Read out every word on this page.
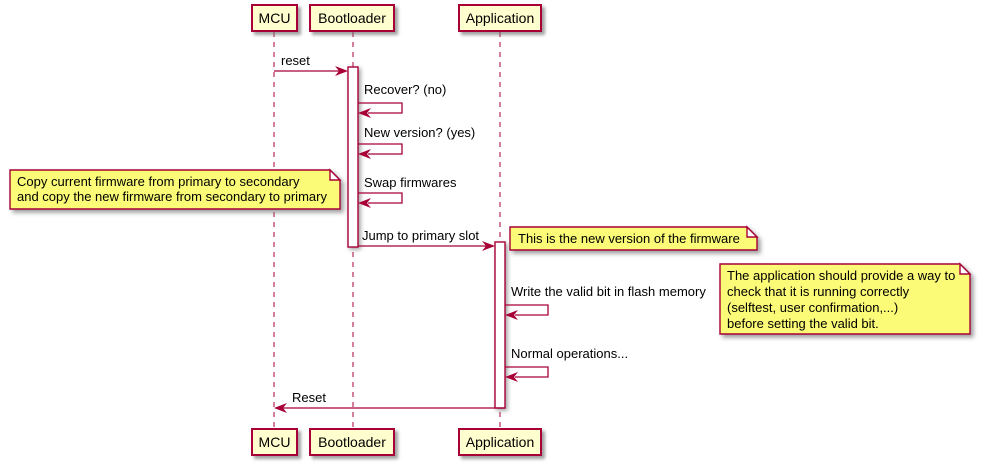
MCU Bootloader	Application
MCU Bootloader	Application
reset
Recover? (no)
New version? (yes)
Swap firmwares
Jump to primary slot
Write the valid bit in flash memory
Normal operations...
Reset
Copy current firmware from primary to secondary
and copy the new firmware from secondary to primary
This is the new version of the firmware
The application should provide a way to
check that it is running correctly
(selftest, user confirmation,...)
before setting the valid bit.
